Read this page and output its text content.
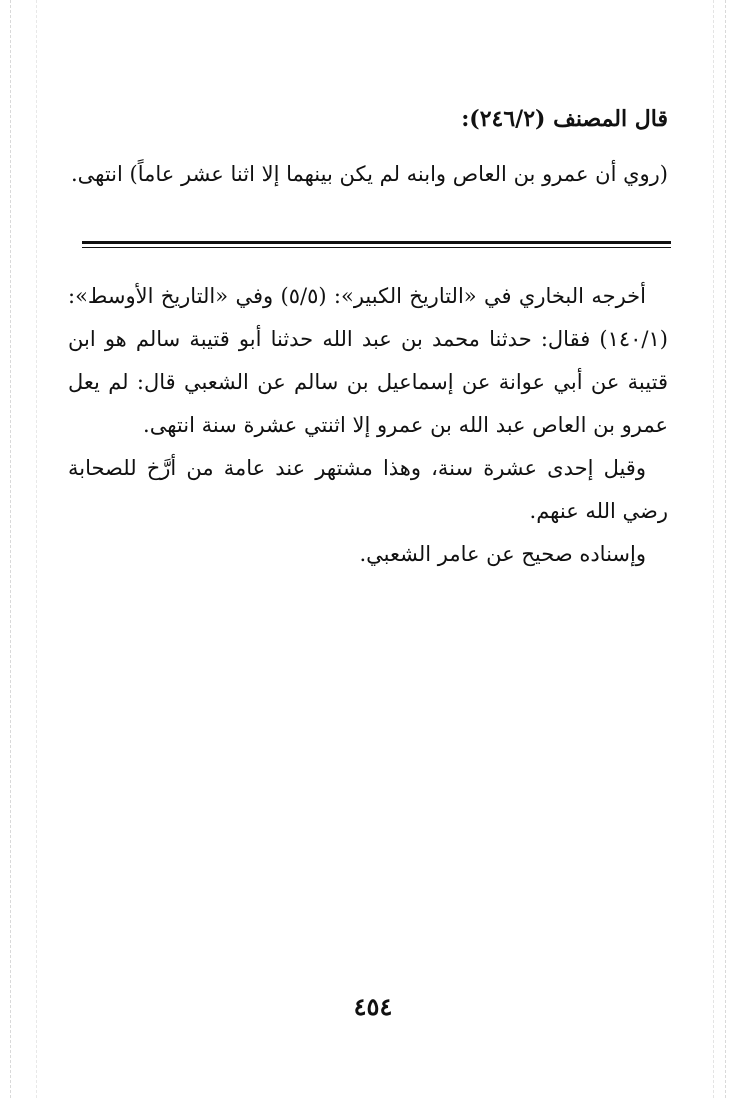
قال المصنف (٢٤٦/٢):
(روي أن عمرو بن العاص وابنه لم يكن بينهما إلا اثنا عشر عاماً) انتهى.

أخرجه البخاري في «التاريخ الكبير»: (٥/٥) وفي «التاريخ الأوسط»: (١٤٠/١) فقال: حدثنا محمد بن عبد الله حدثنا أبو قتيبة سالم هو ابن قتيبة عن أبي عوانة عن إسماعيل بن سالم عن الشعبي قال: لم يعل عمرو بن العاص عبد الله بن عمرو إلا اثنتي عشرة سنة انتهى.

وقيل إحدى عشرة سنة، وهذا مشتهر عند عامة من أرَّخ للصحابة رضي الله عنهم.

وإسناده صحيح عن عامر الشعبي.

٤٥٤
